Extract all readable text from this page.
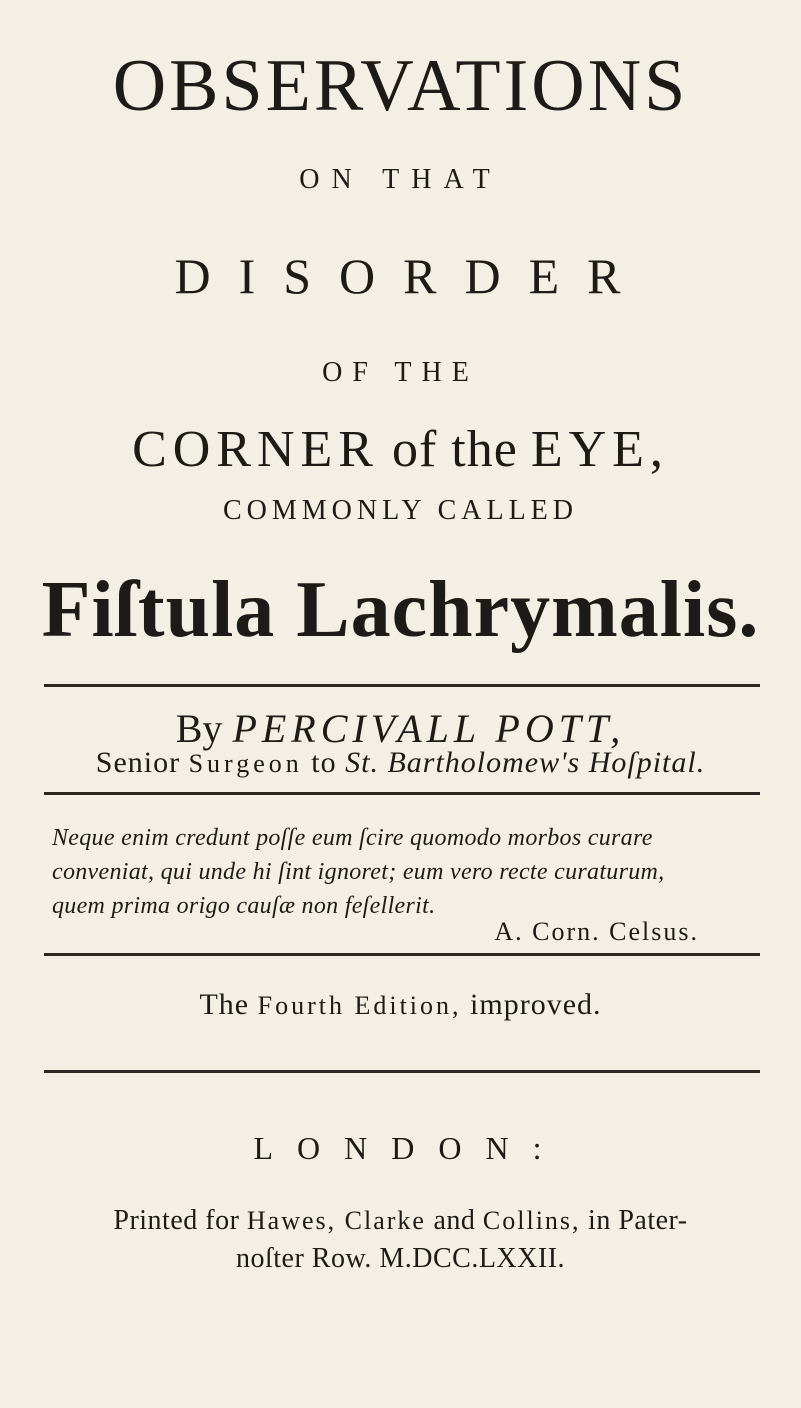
OBSERVATIONS
ON THAT
DISORDER
OF THE
CORNER of the EYE,
COMMONLY CALLED
Fiſtula Lachrymalis.
By PERCIVALL POTT,
Senior Surgeon to St. Bartholomew's Hoſpital.
Neque enim credunt poſſe eum ſcire quomodo morbos curare
conveniat, qui unde hi ſint ignoret; eum vero recte curaturum,
quem prima origo cauſæ non feſellerit.
A. Corn. Celsus.
The Fourth Edition, improved.
LONDON:
Printed for Hawes, Clarke and Collins, in Pater-
noſter Row. M.DCC.LXXII.
